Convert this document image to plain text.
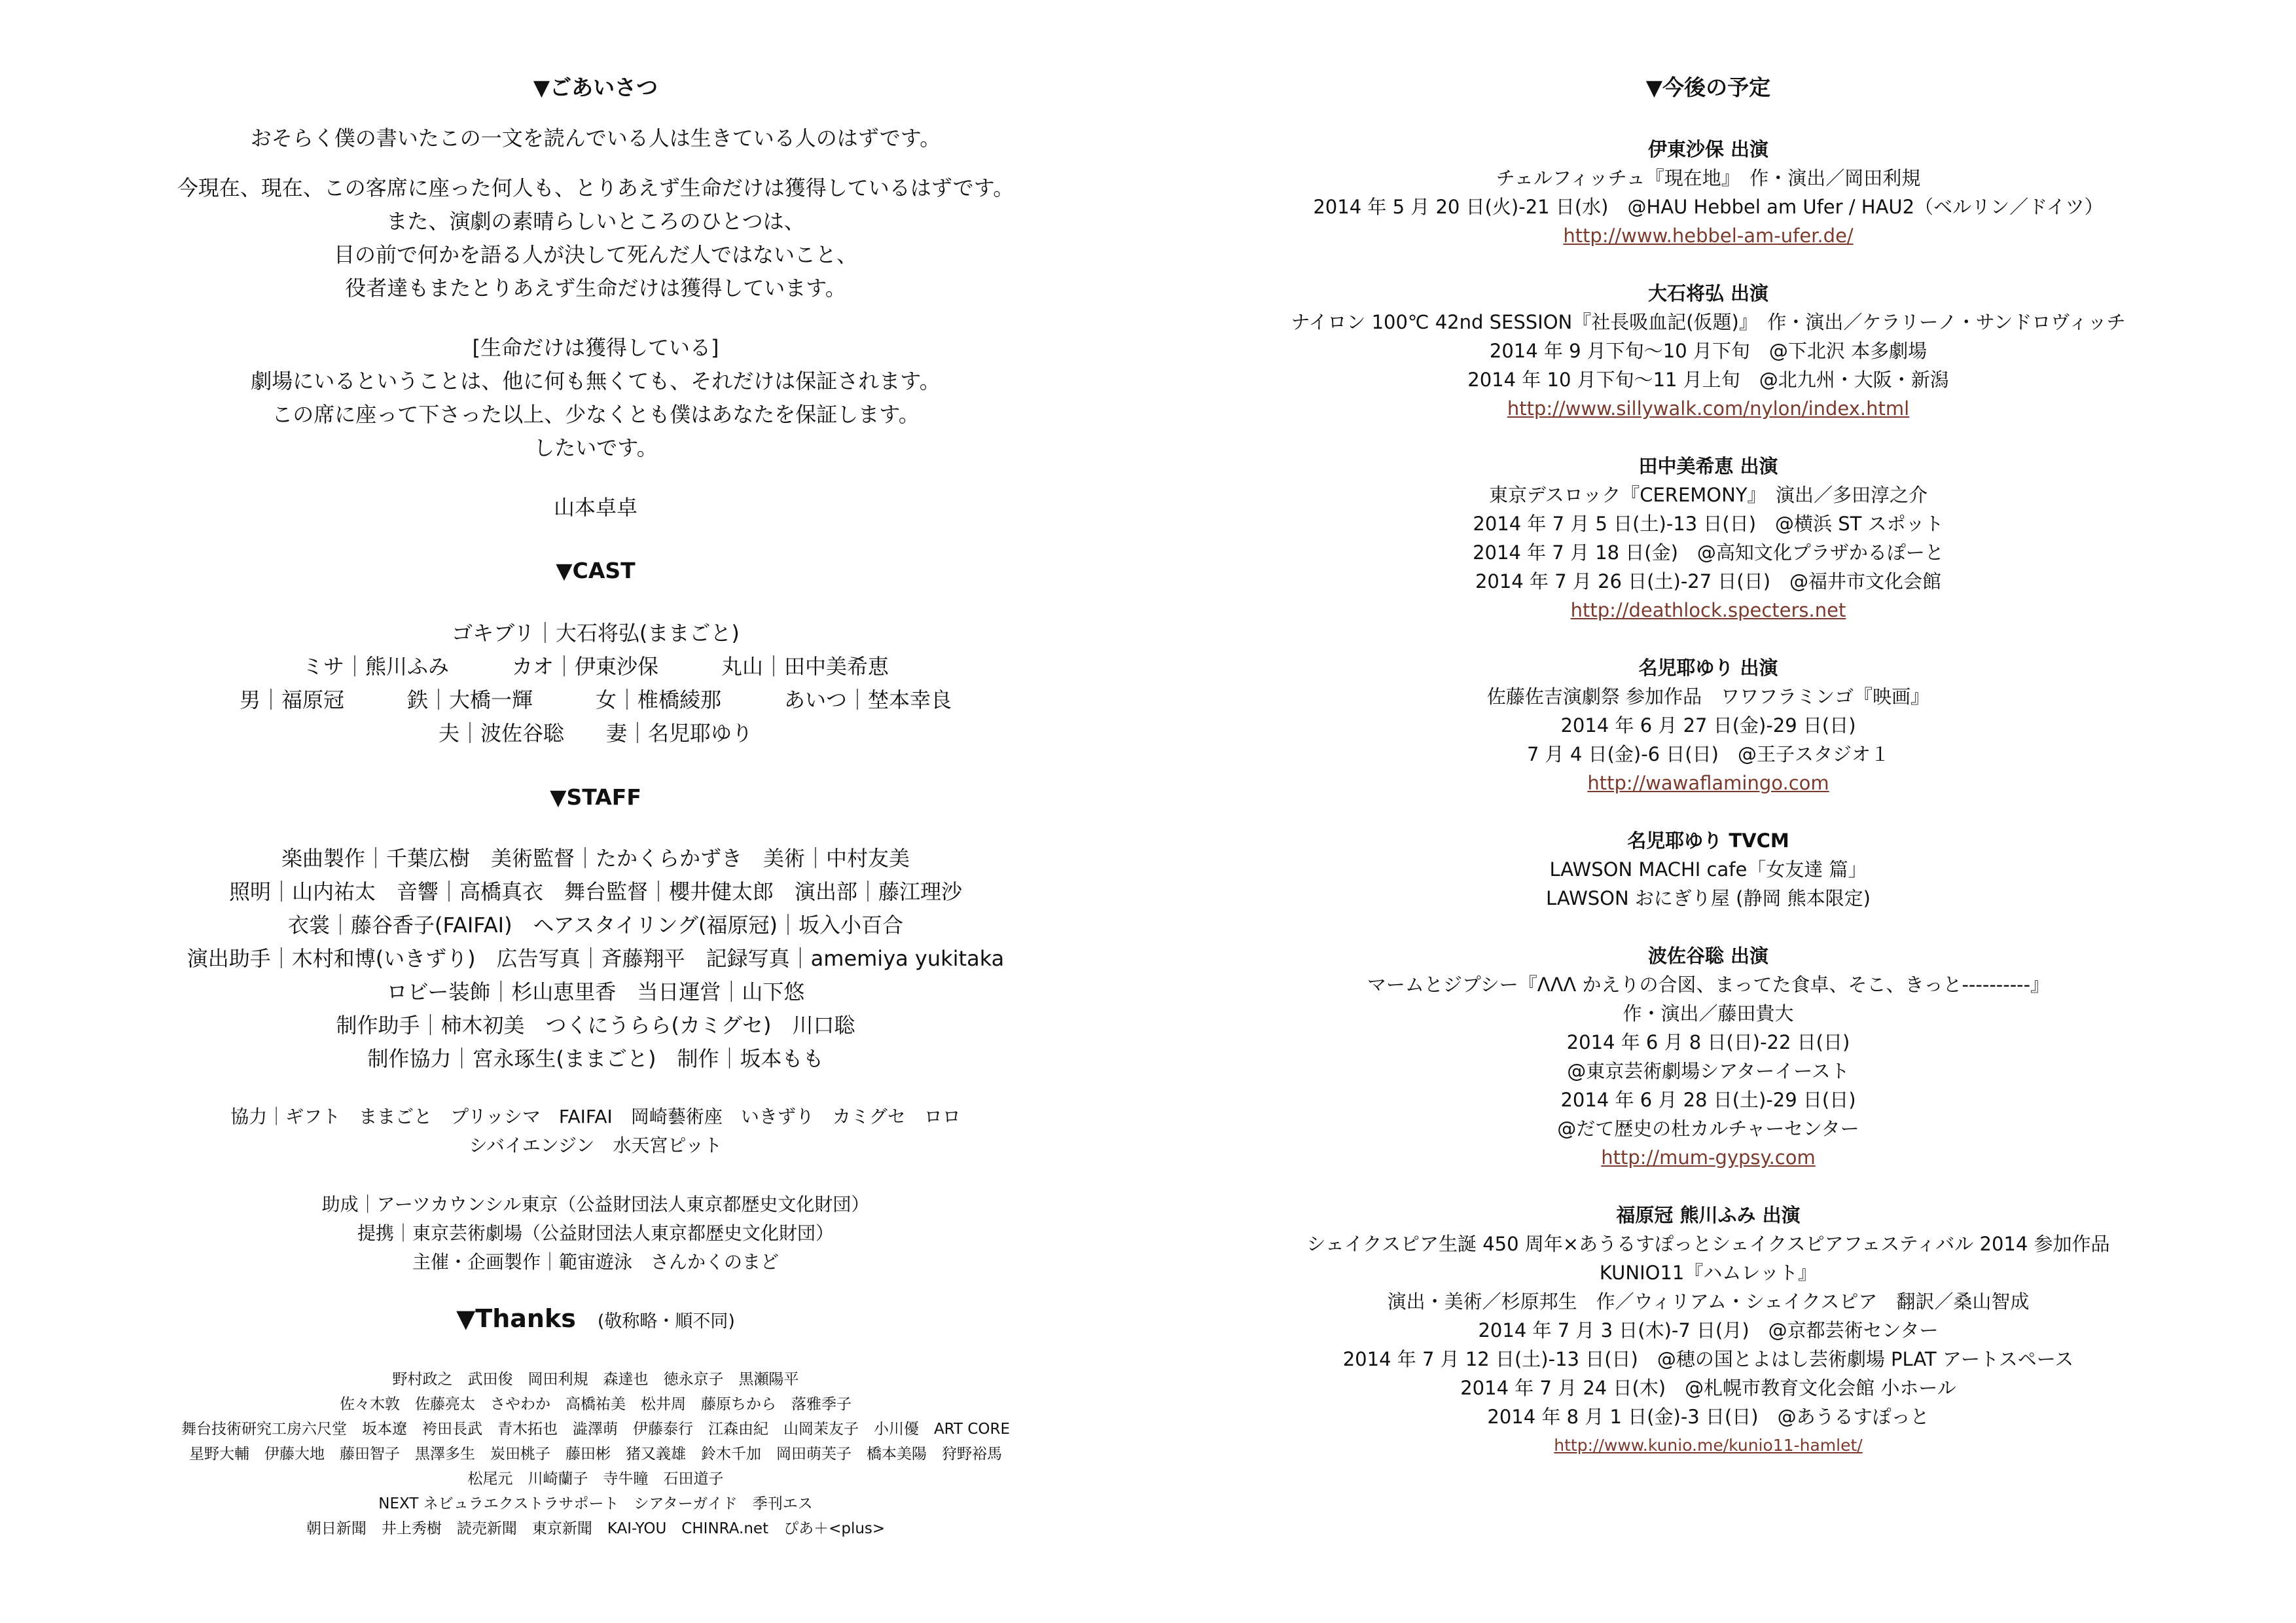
▼ごあいさつ

おそらく僕の書いたこの一文を読んでいる人は生きている人のはずです。

今現在、現在、この客席に座った何人も、とりあえず生命だけは獲得しているはずです。

また、演劇の素晴らしいところのひとつは、

目の前で何かを語る人が決して死んだ人ではないこと、

役者達もまたとりあえず生命だけは獲得しています。

[生命だけは獲得している]

劇場にいるということは、他に何も無くても、それだけは保証されます。

この席に座って下さった以上、少なくとも僕はあなたを保証します。

したいです。

山本卓卓

▼CAST

ゴキブリ｜大石将弘(ままごと)

ミサ｜熊川ふみ　　　カオ｜伊東沙保　　　丸山｜田中美希恵

男｜福原冠　　　鉄｜大橋一輝　　　女｜椎橋綾那　　　あいつ｜埜本幸良

夫｜波佐谷聡　　妻｜名児耶ゆり

▼STAFF

楽曲製作｜千葉広樹　美術監督｜たかくらかずき　美術｜中村友美

照明｜山内祐太　音響｜高橋真衣　舞台監督｜櫻井健太郎　演出部｜藤江理沙

衣裳｜藤谷香子(FAIFAI)　ヘアスタイリング(福原冠)｜坂入小百合

演出助手｜木村和博(いきずり)　広告写真｜斉藤翔平　記録写真｜amemiya yukitaka

ロビー装飾｜杉山恵里香　当日運営｜山下悠

制作助手｜柿木初美　つくにうらら(カミグセ)　川口聡

制作協力｜宮永琢生(ままごと)　制作｜坂本もも

協力｜ギフト　ままごと　プリッシマ　FAIFAI　岡崎藝術座　いきずり　カミグセ　ロロ

シバイエンジン　水天宮ピット

助成｜アーツカウンシル東京（公益財団法人東京都歴史文化財団）

提携｜東京芸術劇場（公益財団法人東京都歴史文化財団）

主催・企画製作｜範宙遊泳　さんかくのまど

▼Thanks　 (敬称略・順不同)

野村政之　武田俊　岡田利規　森達也　徳永京子　黒瀬陽平

佐々木敦　佐藤亮太　さやわか　高橋祐美　松井周　藤原ちから　落雅季子

舞台技術研究工房六尺堂　坂本遼　袴田長武　青木拓也　澁澤萌　伊藤泰行　江森由紀　山岡茉友子　小川優　ART CORE

星野大輔　伊藤大地　藤田智子　黒澤多生　炭田桃子　藤田彬　猪又義雄　鈴木千加　岡田萌芙子　橋本美陽　狩野裕馬

松尾元　川崎蘭子　寺牛瞳　石田道子

NEXT ネビュラエクストラサポート　シアターガイド　季刊エス

朝日新聞　井上秀樹　読売新聞　東京新聞　KAI-YOU　CHINRA.net　ぴあ＋<plus>

▼今後の予定

伊東沙保 出演

チェルフィッチュ『現在地』　作・演出／岡田利規

2014 年 5 月 20 日(火)-21 日(水)　@HAU Hebbel am Ufer / HAU2（ベルリン／ドイツ）

http://www.hebbel-am-ufer.de/

大石将弘 出演

ナイロン 100℃ 42nd SESSION『社長吸血記(仮題)』　作・演出／ケラリーノ・サンドロヴィッチ

2014 年 9 月下旬〜10 月下旬　@下北沢 本多劇場

2014 年 10 月下旬〜11 月上旬　@北九州・大阪・新潟

http://www.sillywalk.com/nylon/index.html

田中美希恵 出演

東京デスロック『CEREMONY』　演出／多田淳之介

2014 年 7 月 5 日(土)-13 日(日)　@横浜 ST スポット

2014 年 7 月 18 日(金)　@高知文化プラザかるぽーと

2014 年 7 月 26 日(土)-27 日(日)　@福井市文化会館

http://deathlock.specters.net

名児耶ゆり 出演

佐藤佐吉演劇祭 参加作品　ワワフラミンゴ『映画』

2014 年 6 月 27 日(金)-29 日(日)

7 月 4 日(金)-6 日(日)　@王子スタジオ１

http://wawaflamingo.com

名児耶ゆり TVCM

LAWSON MACHI cafe「女友達 篇」

LAWSON おにぎり屋 (静岡 熊本限定)

波佐谷聡 出演

マームとジプシー『ΛΛΛ かえりの合図、まってた食卓、そこ、きっと----------』

作・演出／藤田貴大

2014 年 6 月 8 日(日)-22 日(日)

@東京芸術劇場シアターイースト

2014 年 6 月 28 日(土)-29 日(日)

@だて歴史の杜カルチャーセンター

http://mum-gypsy.com

福原冠 熊川ふみ 出演

シェイクスピア生誕 450 周年×あうるすぽっとシェイクスピアフェスティバル 2014 参加作品

KUNIO11『ハムレット』

演出・美術／杉原邦生　作／ウィリアム・シェイクスピア　翻訳／桑山智成

2014 年 7 月 3 日(木)-7 日(月)　@京都芸術センター

2014 年 7 月 12 日(土)-13 日(日)　@穂の国とよはし芸術劇場 PLAT アートスペース

2014 年 7 月 24 日(木)　@札幌市教育文化会館 小ホール

2014 年 8 月 1 日(金)-3 日(日)　@あうるすぽっと

http://www.kunio.me/kunio11-hamlet/
